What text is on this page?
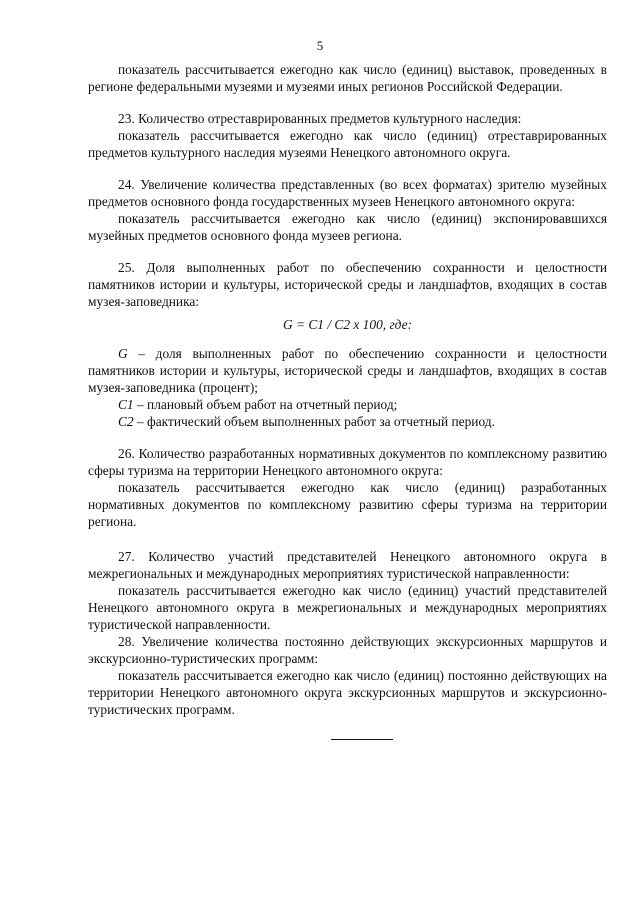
5

показатель рассчитывается ежегодно как число (единиц) выставок, проведенных в регионе федеральными музеями и музеями иных регионов Российской Федерации.

23. Количество отреставрированных предметов культурного наследия:

показатель рассчитывается ежегодно как число (единиц) отреставрированных предметов культурного наследия музеями Ненецкого автономного округа.

24. Увеличение количества представленных (во всех форматах) зрителю музейных предметов основного фонда государственных музеев Ненецкого автономного округа:

показатель рассчитывается ежегодно как число (единиц) экспонировавшихся музейных предметов основного фонда музеев региона.

25. Доля выполненных работ по обеспечению сохранности и целостности памятников истории и культуры, исторической среды и ландшафтов, входящих в состав музея-заповедника:

G = C1 / C2 x 100, где:

G – доля выполненных работ по обеспечению сохранности и целостности памятников истории и культуры, исторической среды и ландшафтов, входящих в состав музея-заповедника (процент);

C1 – плановый объем работ на отчетный период;

C2 – фактический объем выполненных работ за отчетный период.

26. Количество разработанных нормативных документов по комплексному развитию сферы туризма на территории Ненецкого автономного округа:

показатель рассчитывается ежегодно как число (единиц) разработанных нормативных документов по комплексному развитию сферы туризма на территории региона.

27. Количество участий представителей Ненецкого автономного округа в межрегиональных и международных мероприятиях туристической направленности:

показатель рассчитывается ежегодно как число (единиц) участий представителей Ненецкого автономного округа в межрегиональных и международных мероприятиях туристической направленности.

28. Увеличение количества постоянно действующих экскурсионных маршрутов и экскурсионно-туристических программ:

показатель рассчитывается ежегодно как число (единиц) постоянно действующих на территории Ненецкого автономного округа экскурсионных маршрутов и экскурсионно-туристических программ.
